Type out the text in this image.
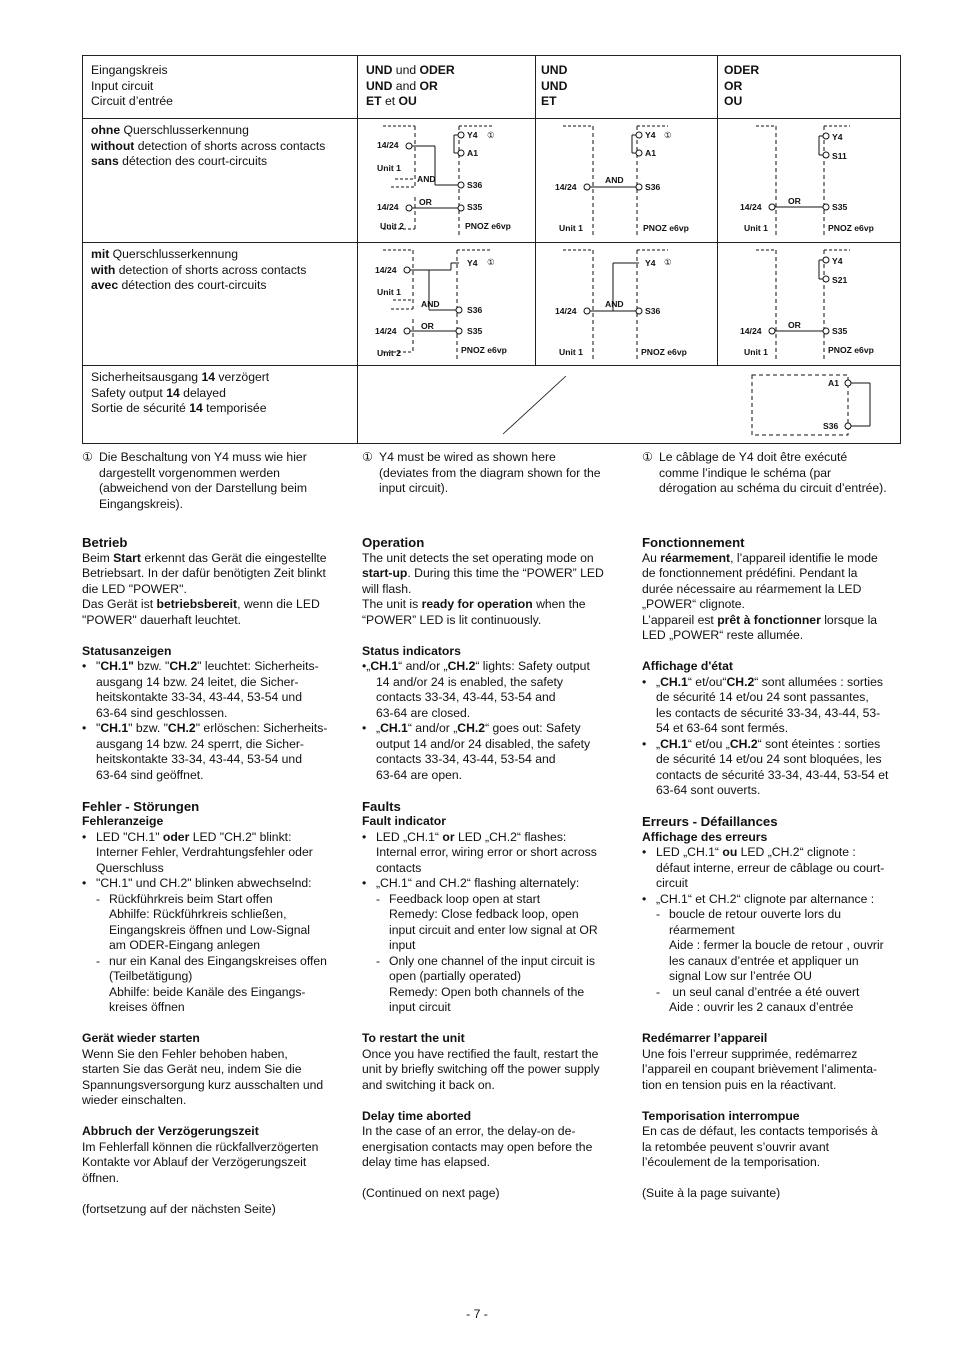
Eingangskreis
Input circuit
Circuit d’entrée
UND und ODER
UND and OR
ET et OU
UND
UND
ET
ODER
OR
OU
ohne Querschlusserkennung
without detection of shorts across contacts
sans détection des court-circuits
mit Querschlusserkennung
with detection of shorts across contacts
avec détection des court-circuits
Sicherheitsausgang 14 verzögert
Safety output 14 delayed
Sortie de sécurité 14 temporisée
14/24
Unit 1
14/24
Unit 2
AND
OR
Y4 ①
A1
S36
S35
PNOZ e6vp
14/24
Unit 1
AND
Y4 ①
A1
S36
PNOZ e6vp
14/24
Unit 1
OR
Y4
S11
S35
PNOZ e6vp
14/24
Unit 1
14/24
Unit 2
AND
OR
Y4 ①
S36
S35
PNOZ e6vp
14/24
Unit 1
AND
Y4 ①
S36
PNOZ e6vp
14/24
Unit 1
OR
Y4
S21
S35
PNOZ e6vp
A1
S36
① Die Beschaltung von Y4 muss wie hier
dargestellt vorgenommen werden
(abweichend von der Darstellung beim
Eingangskreis).
① Y4 must be wired as shown here
(deviates from the diagram shown for the
input circuit).
① Le câblage de Y4 doit être exécuté
comme l’indique le schéma (par
dérogation au schéma du circuit d’entrée).
Betrieb
Beim Start erkennt das Gerät die eingestellte
Betriebsart. In der dafür benötigten Zeit blinkt
die LED "POWER".
Das Gerät ist betriebsbereit, wenn die LED
"POWER" dauerhaft leuchtet.
Statusanzeigen
• "CH.1" bzw. "CH.2" leuchtet: Sicherheits-
ausgang 14 bzw. 24 leitet, die Sicher-
heitskontakte 33-34, 43-44, 53-54 und
63-64 sind geschlossen.
• "CH.1" bzw. "CH.2" erlöschen: Sicherheits-
ausgang 14 bzw. 24 sperrt, die Sicher-
heitskontakte 33-34, 43-44, 53-54 und
63-64 sind geöffnet.
Fehler - Störungen
Fehleranzeige
• LED "CH.1" oder LED "CH.2" blinkt:
Interner Fehler, Verdrahtungsfehler oder
Querschluss
• "CH.1" und CH.2" blinken abwechselnd:
- Rückführkreis beim Start offen
Abhilfe: Rückführkreis schließen,
Eingangskreis öffnen und Low-Signal
am ODER-Eingang anlegen
- nur ein Kanal des Eingangskreises offen
(Teilbetätigung)
Abhilfe: beide Kanäle des Eingangs-
kreises öffnen
Gerät wieder starten
Wenn Sie den Fehler behoben haben,
starten Sie das Gerät neu, indem Sie die
Spannungsversorgung kurz ausschalten und
wieder einschalten.
Abbruch der Verzögerungszeit
Im Fehlerfall können die rückfallverzögerten
Kontakte vor Ablauf der Verzögerungszeit
öffnen.
(fortsetzung auf der nächsten Seite)
Operation
The unit detects the set operating mode on
start-up. During this time the “POWER” LED
will flash.
The unit is ready for operation when the
“POWER” LED is lit continuously.
Status indicators
•„CH.1“ and/or „CH.2“ lights: Safety output
14 and/or 24 is enabled, the safety
contacts 33-34, 43-44, 53-54 and
63-64 are closed.
• „CH.1“ and/or „CH.2“ goes out: Safety
output 14 and/or 24 disabled, the safety
contacts 33-34, 43-44, 53-54 and
63-64 are open.
Faults
Fault indicator
• LED „CH.1“ or LED „CH.2“ flashes:
Internal error, wiring error or short across
contacts
• „CH.1“ and CH.2“ flashing alternately:
- Feedback loop open at start
Remedy: Close fedback loop, open
input circuit and enter low signal at OR
input
- Only one channel of the input circuit is
open (partially operated)
Remedy: Open both channels of the
input circuit
To restart the unit
Once you have rectified the fault, restart the
unit by briefly switching off the power supply
and switching it back on.
Delay time aborted
In the case of an error, the delay-on de-
energisation contacts may open before the
delay time has elapsed.
(Continued on next page)
Fonctionnement
Au réarmement, l’appareil identifie le mode
de fonctionnement prédéfini. Pendant la
durée nécessaire au réarmement la LED
„POWER“ clignote.
L’appareil est prêt à fonctionner lorsque la
LED „POWER“ reste allumée.
Affichage d'état
• „CH.1“ et/ou“CH.2“ sont allumées : sorties
de sécurité 14 et/ou 24 sont passantes,
les contacts de sécurité 33-34, 43-44, 53-
54 et 63-64 sont fermés.
• „CH.1“ et/ou „CH.2“ sont éteintes : sorties
de sécurité 14 et/ou 24 sont bloquées, les
contacts de sécurité 33-34, 43-44, 53-54 et
63-64 sont ouverts.
Erreurs - Défaillances
Affichage des erreurs
• LED „CH.1“ ou LED „CH.2“ clignote :
défaut interne, erreur de câblage ou court-
circuit
• „CH.1“ et CH.2“ clignote par alternance :
- boucle de retour ouverte lors du
réarmement
Aide : fermer la boucle de retour , ouvrir
les canaux d’entrée et appliquer un
signal Low sur l’entrée OU
- un seul canal d’entrée a été ouvert
Aide : ouvrir les 2 canaux d’entrée
Redémarrer l’appareil
Une fois l’erreur supprimée, redémarrez
l’appareil en coupant brièvement l’alimenta-
tion en tension puis en la réactivant.
Temporisation interrompue
En cas de défaut, les contacts temporisés à
la retombée peuvent s’ouvrir avant
l’écoulement de la temporisation.
(Suite à la page suivante)
- 7 -
